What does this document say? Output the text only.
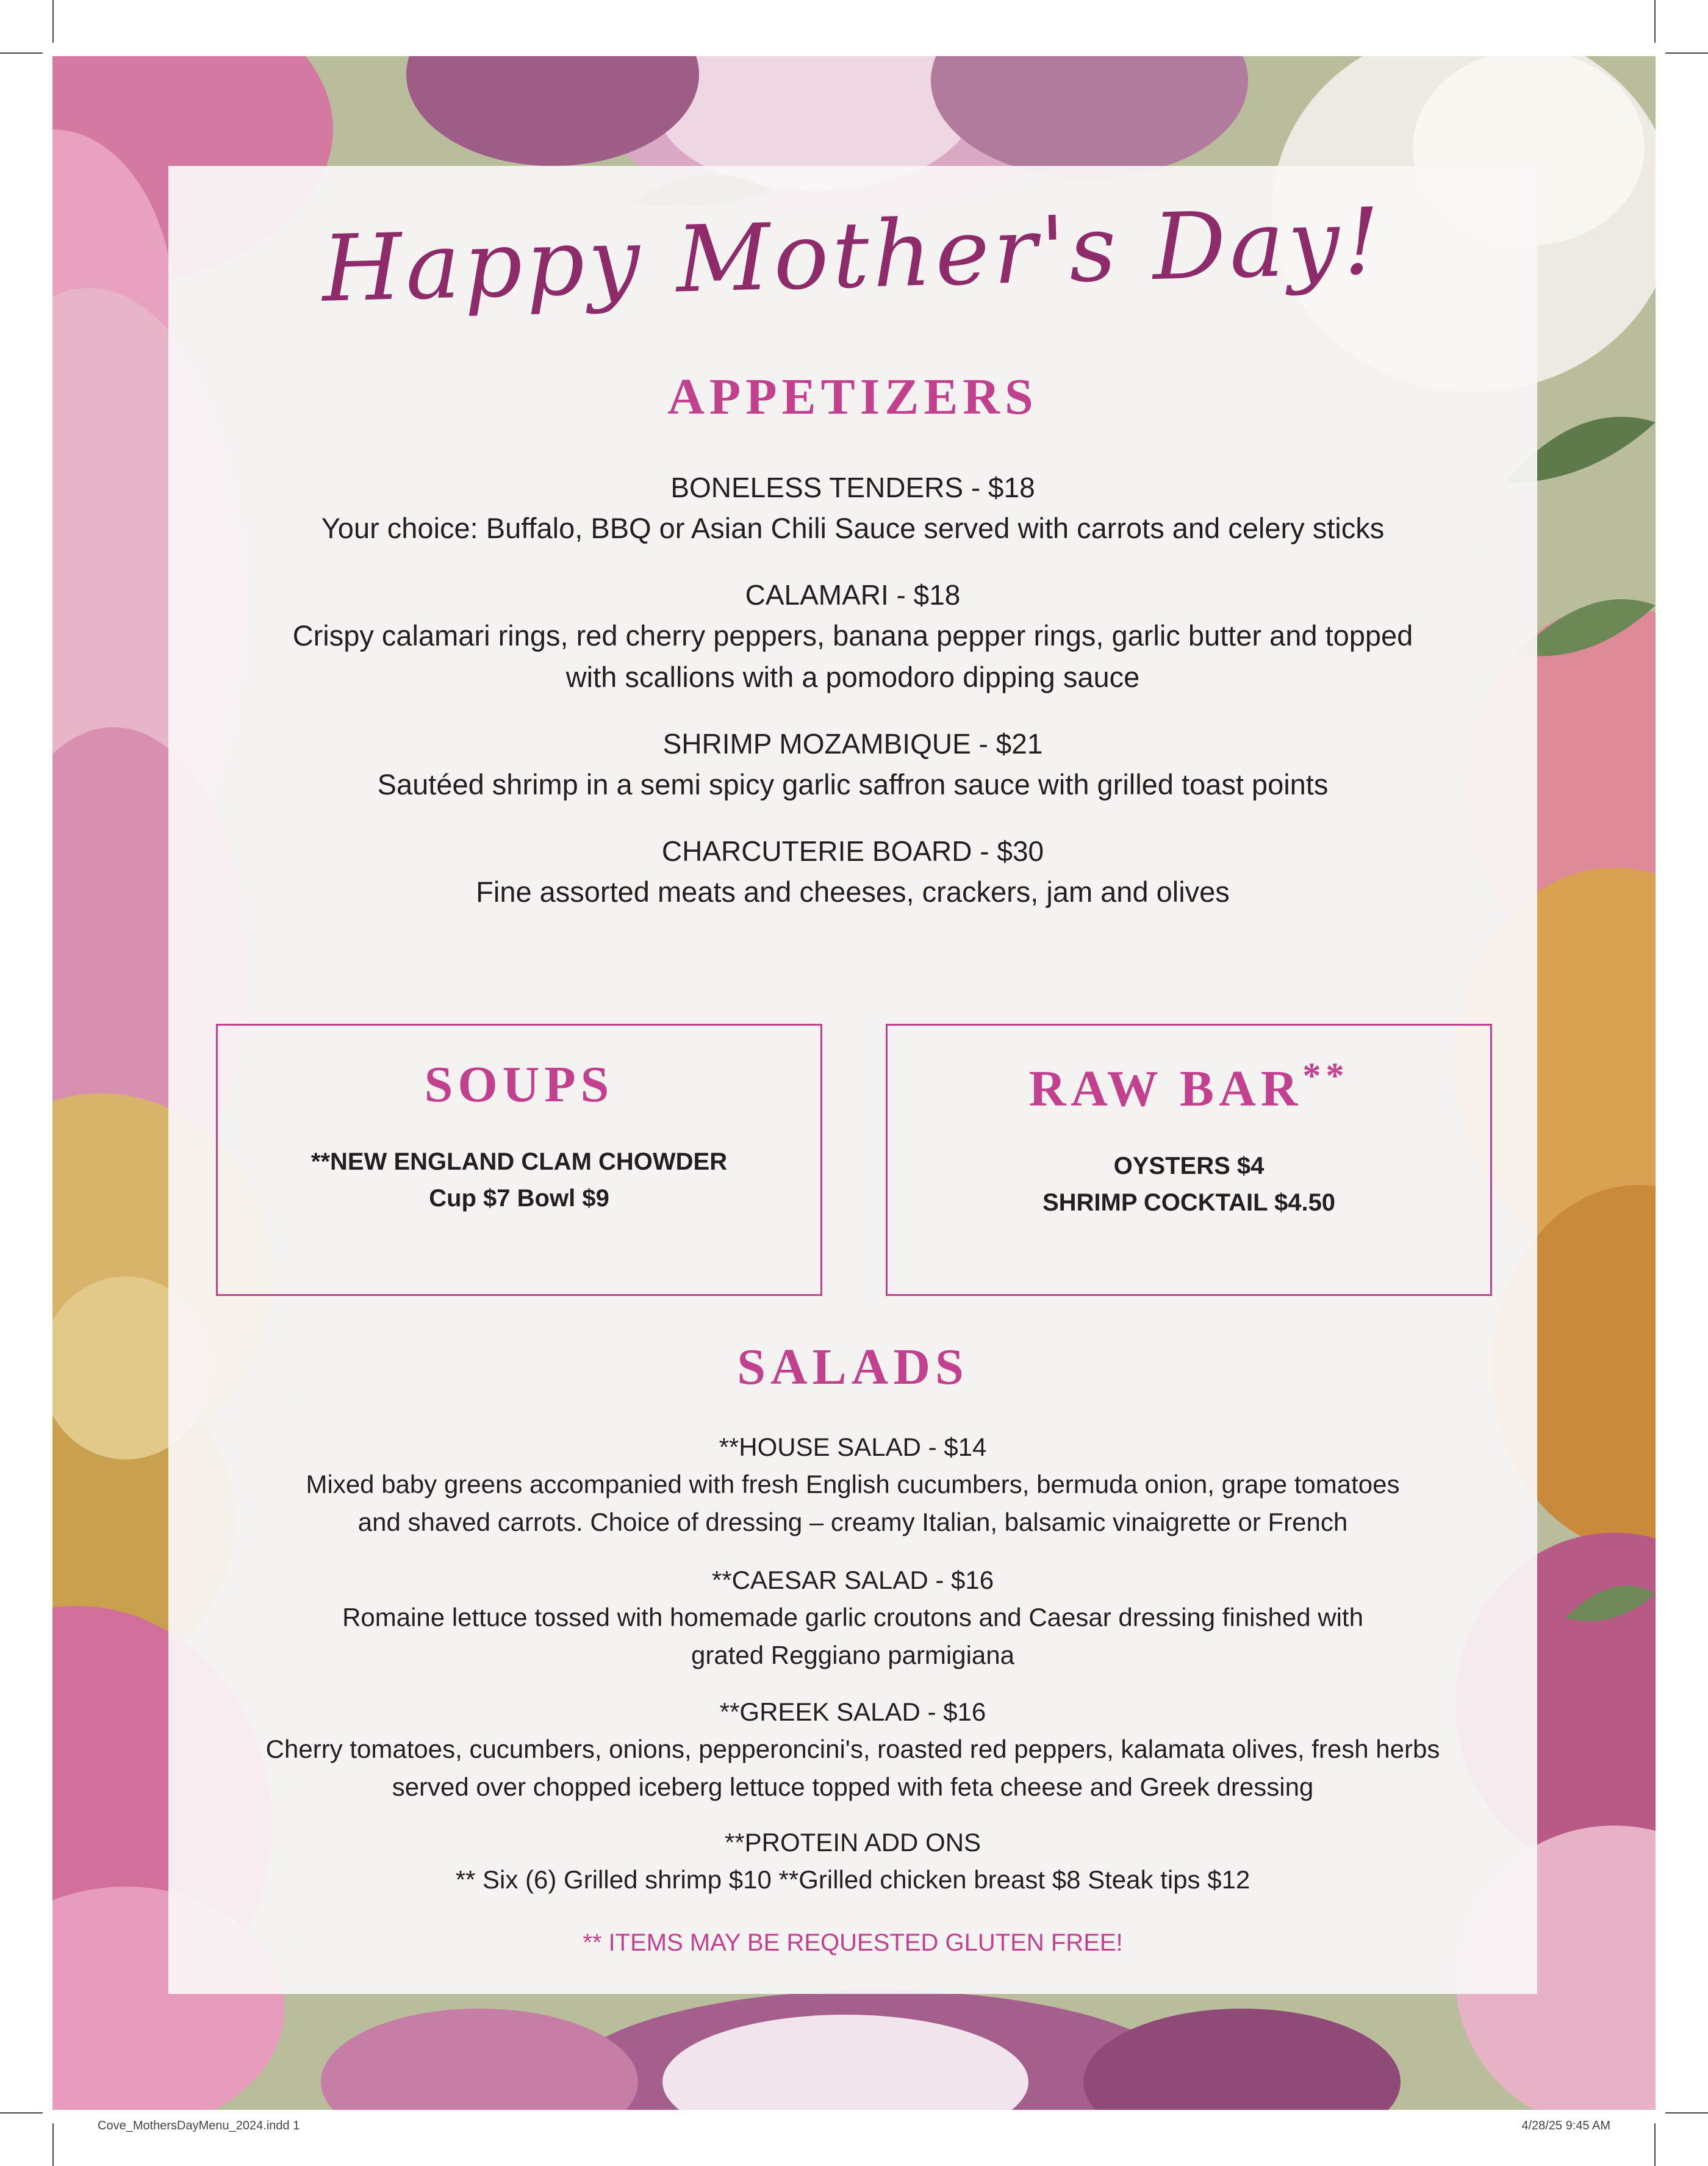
Happy Mother's Day!
APPETIZERS
BONELESS TENDERS - $18
Your choice: Buffalo, BBQ or Asian Chili Sauce served with carrots and celery sticks
CALAMARI - $18
Crispy calamari rings, red cherry peppers, banana pepper rings, garlic butter and topped
with scallions with a pomodoro dipping sauce
SHRIMP MOZAMBIQUE - $21
Sautéed shrimp in a semi spicy garlic saffron sauce with grilled toast points
CHARCUTERIE BOARD - $30
Fine assorted meats and cheeses, crackers, jam and olives
SOUPS
**NEW ENGLAND CLAM CHOWDER
Cup $7 Bowl $9
RAW BAR**
OYSTERS $4
SHRIMP COCKTAIL $4.50
SALADS
**HOUSE SALAD - $14
Mixed baby greens accompanied with fresh English cucumbers, bermuda onion, grape tomatoes
and shaved carrots. Choice of dressing – creamy Italian, balsamic vinaigrette or French
**CAESAR SALAD - $16
Romaine lettuce tossed with homemade garlic croutons and Caesar dressing finished with
grated Reggiano parmigiana
**GREEK SALAD - $16
Cherry tomatoes, cucumbers, onions, pepperoncini's, roasted red peppers, kalamata olives, fresh herbs
served over chopped iceberg lettuce topped with feta cheese and Greek dressing
**PROTEIN ADD ONS
** Six (6) Grilled shrimp $10 **Grilled chicken breast $8 Steak tips $12
** ITEMS MAY BE REQUESTED GLUTEN FREE!
Cove_MothersDayMenu_2024.indd 1	4/28/25 9:45 AM
